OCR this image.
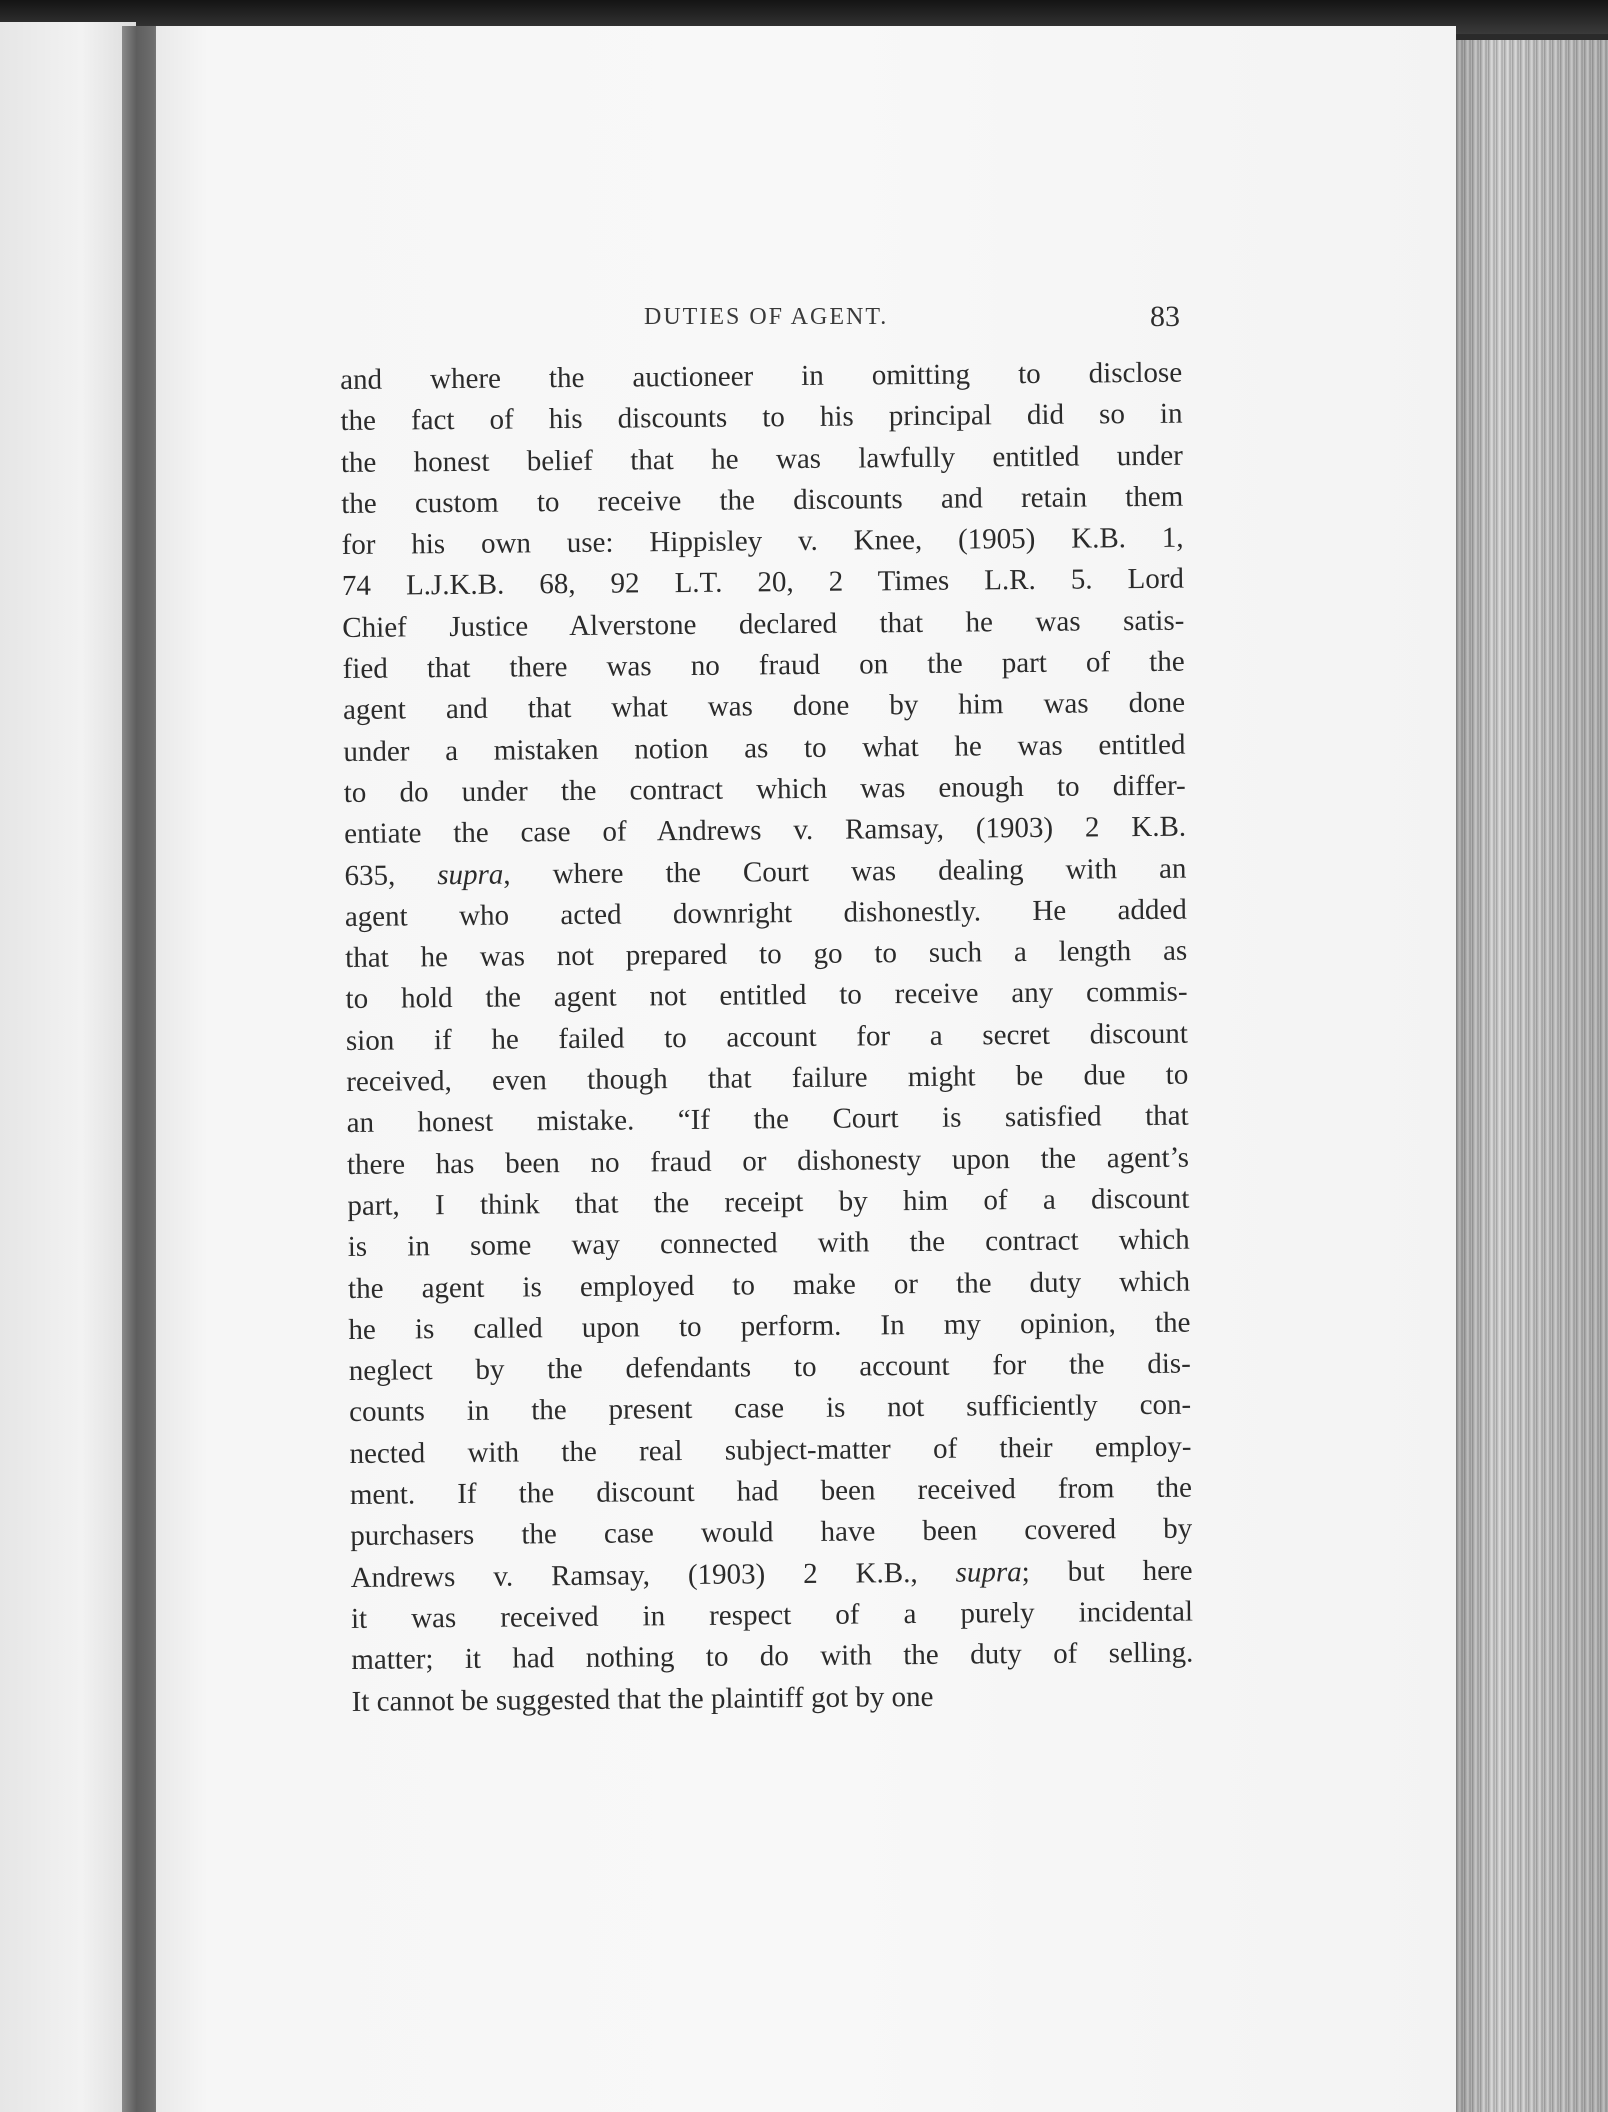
DUTIES OF AGENT.	83
and where the auctioneer in omitting to disclose
the fact of his discounts to his principal did so in
the honest belief that he was lawfully entitled under
the custom to receive the discounts and retain them
for his own use: Hippisley v. Knee, (1905) K.B. 1,
74 L.J.K.B. 68, 92 L.T. 20, 2 Times L.R. 5. Lord
Chief Justice Alverstone declared that he was satis-
fied that there was no fraud on the part of the
agent and that what was done by him was done
under a mistaken notion as to what he was entitled
to do under the contract which was enough to differ-
entiate the case of Andrews v. Ramsay, (1903) 2 K.B.
635, supra, where the Court was dealing with an
agent who acted downright dishonestly. He added
that he was not prepared to go to such a length as
to hold the agent not entitled to receive any commis-
sion if he failed to account for a secret discount
received, even though that failure might be due to
an honest mistake. “If the Court is satisfied that
there has been no fraud or dishonesty upon the agent’s
part, I think that the receipt by him of a discount
is in some way connected with the contract which
the agent is employed to make or the duty which
he is called upon to perform. In my opinion, the
neglect by the defendants to account for the dis-
counts in the present case is not sufficiently con-
nected with the real subject-matter of their employ-
ment. If the discount had been received from the
purchasers the case would have been covered by
Andrews v. Ramsay, (1903) 2 K.B., supra; but here
it was received in respect of a purely incidental
matter; it had nothing to do with the duty of selling.
It cannot be suggested that the plaintiff got by one
